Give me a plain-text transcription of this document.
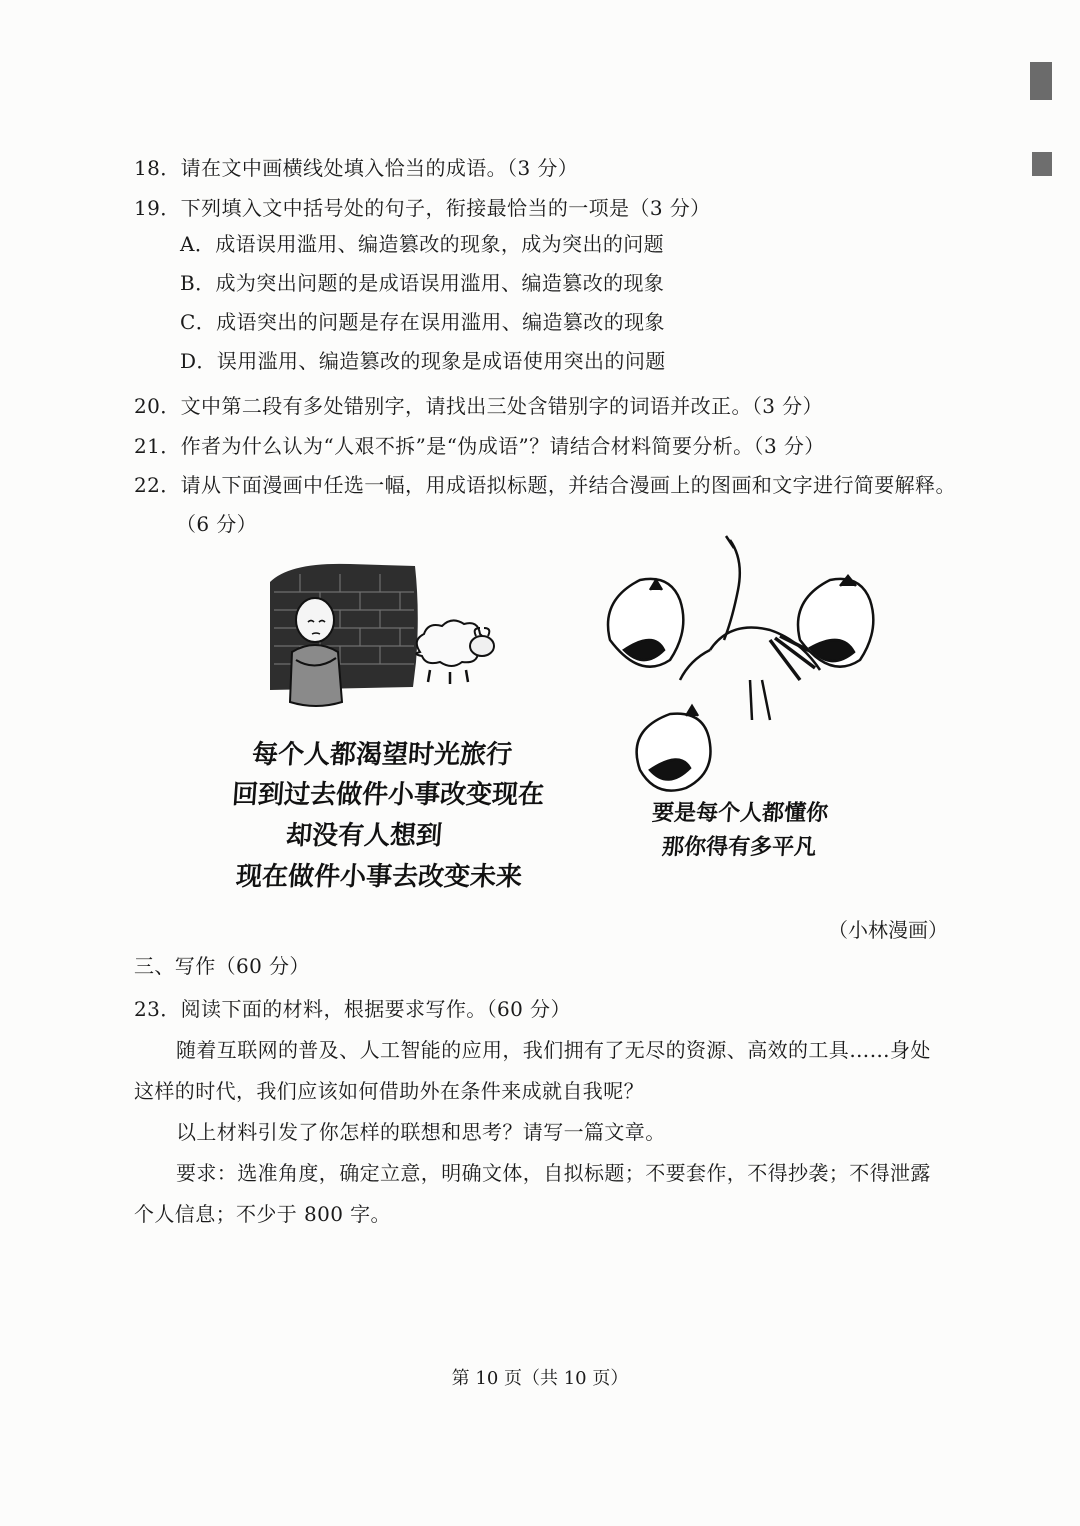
18．请在文中画横线处填入恰当的成语。（3 分）
19．下列填入文中括号处的句子，衔接最恰当的一项是（3 分）
A．成语误用滥用、编造篡改的现象，成为突出的问题
B．成为突出问题的是成语误用滥用、编造篡改的现象
C．成语突出的问题是存在误用滥用、编造篡改的现象
D．误用滥用、编造篡改的现象是成语使用突出的问题
20．文中第二段有多处错别字，请找出三处含错别字的词语并改正。（3 分）
21．作者为什么认为“人艰不拆”是“伪成语”？请结合材料简要分析。（3 分）
22．请从下面漫画中任选一幅，用成语拟标题，并结合漫画上的图画和文字进行简要解释。
（6 分）
每个人都渴望时光旅行
回到过去做件小事改变现在
却没有人想到
现在做件小事去改变未来
要是每个人都懂你
那你得有多平凡
（小林漫画）
三、写作（60 分）
23．阅读下面的材料，根据要求写作。（60 分）
随着互联网的普及、人工智能的应用，我们拥有了无尽的资源、高效的工具……身处
这样的时代，我们应该如何借助外在条件来成就自我呢？
以上材料引发了你怎样的联想和思考？请写一篇文章。
要求：选准角度，确定立意，明确文体，自拟标题；不要套作，不得抄袭；不得泄露
个人信息；不少于 800 字。
第 10 页（共 10 页）
